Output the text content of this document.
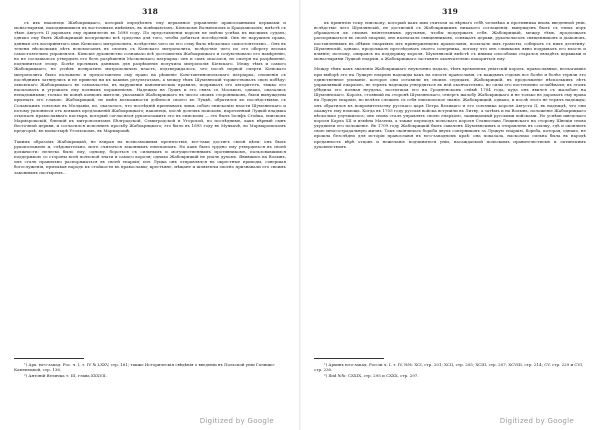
318
съ ихъ наконецъ Жабокрицкаго, который опредѣлялъ ему церковное управленіе православными церквами и монастырями, находившимися въ восточныхъ имѣніяхъ, въ повѣщаютахъ: Кіевскомъ Волынскомъ и Брацлавскомъ; вмѣстѣ съ тѣмъ Августъ II даровалъ ему привилегію въ 1698 году. По представленіи короля не имѣли успѣха въ высшихъ судахъ; однако ему былъ Жабокрицкій воспрещено всѣ средства для того, чтобы добиться послѣдствій. Онъ не нарушилъ права, данныя отъ воспринятаго имъ Кіевскаго митрополита, вслѣдствіе чего по его сему было нѣсколько самостоятельно... Онъ въ течени нѣскольких лѣтъ вспомогаемъ въ своемъ съ Кіевскаго митрополита, вслѣдствіе чего по его оберегу весьма самостоятельно управлялся. Кіевскіе духовенство сознавало всѣ достоинства Жабокрицкаго и сочувствовало его намѣренію, но не соглашалось утвердить его безъ разрѣшенія Московскаго патріарха: онъ и самъ опасался, не смотря на разрѣшеніе, подчиниться этому. Болѣе прочныхъ данныхъ для разрѣшенія получила митрополія Кіевскаго. Межу тѣмъ и самого Жабокрицкаго, не успѣвъ возвратить митрополичью власть, подтверждалось, что послѣ первой смерти Кіевскаго митрополита было положено и предоставлено ему право на рѣшеніе Константинопольскаго патріарха, сношенія съ послѣднимъ затянулись и не привели ни къ какимъ результатамъ, а между тѣмъ Шумлянскій торжествовалъ свою побѣду: львовскаго Жабокрицкаго въ самовластіи, въ нарушеніи канонических правилъ, подрывалъ его авторитетъ, тяжко его насиловалъ и угрожалъ ему полнымъ пораженіемъ. Надежды на Луцкъ и его связь съ Москвою, однако, оказались ненадежными; только въ концѣ концовъ жители, указавшіе Жабокрицкаго въ число своихъ сторонниковъ, были вынуждены признать его главою. Жабокрицкій, не имѣя возможности добиться своего въ Луцкѣ, обратился къ послѣдствіямъ съ Сочавскимъ союзомъ въ Молдавіи, но, оказалось, что послѣдній признавалъ лишь собою епископію власти Шумлянскаго и потому уклонился отъ всякихъ предложеній Жабокрицкаго; наконецъ, послѣ долгихъ поисковъ, нареченный Луцкій владыка отыскалъ православнаго пастыря, который согласился рукоположить его въ епископы — это былъ Іосифъ Стойка, епископъ Мармарошскій, близкій къ митрополитамъ Бѣлградской, Семиградской и Угорской, по послѣднимъ, какъ вѣрный сынъ Восточной церкви, и согласился исполнить просьбу Жабокрицкаго; это было въ 1695 году въ Мункачѣ, во Мармарошскомъ предгорьѣ, въ монастырѣ Угольскомъ, въ Мармарошѣ.

Такимъ образомъ Жабокрицкій, не взирая на всевозможныя препятствія, все-таки достигъ своей цѣли: онъ былъ рукоположенъ и, слѣдовательно, могъ считаться законнымъ епископомъ. Но какъ было трудно ему утвердиться въ своей должности: нелегко было ему, одному, бороться съ сильнымъ и могущественнымъ противникомъ, пользовавшимся поддержкою со стороны всей польской знати и самаго короля; однако Жабокрицкій не упалъ духомъ. Явившись на Волынь, онъ сталъ правильно распоряжаться въ своей епархіи; изъ Луцка онъ отправлялся въ окрестные приходы, совершая богослуженія, призывая народъ къ стойкости въ православіи; крестьяне, мѣщане и шляхтичи охотно признавали его своимъ законнымъ пастыремъ...

¹) Арх. юго-запад. Рос. ч. I, т. IV № LXXV, стр. 161; также Историческія свѣдѣнія о введеніи въ Польской уніи Галицко-Каменецкой, стр. 136.

²) Антоній Величка т. III, глава XXXVII.

Digitized by Google
319
къ принятію тому епископу, который какъ ими считали за вѣрнаго себѣ человѣка и противника вновь введенной уніи, вслѣдствіе чего Шумлянскій, не достигшій съ Жабокрицкимъ никакого соглашенія, вынужденъ былъ съ этихъ поръ обращаться къ своимъ вліятельнымъ друзьямъ, чтобы поддержать себя. Жабокрицкій, между тѣмъ, продолжалъ распоряжаться въ своей епархіи; онъ назначалъ священниковъ, освящалъ церкви, рукополагалъ священниковъ и діаконовъ, поставленныхъ въ обѣихъ епархіяхъ изъ приверженцевъ православія, посылалъ имъ грамоты, собиралъ съ нихъ десятину. Шумлянскій, однако, продолжалъ преслѣдовать своего соперника, потому что онъ слишкомъ явно подрывалъ его власть и вліяніе; поэтому, опираясь на поддержку короля, Шумлянскій вмѣстѣ съ иными способами старался овладѣть церквами и монастырями Луцкой епархіи, а Жабокрицкаго заставить окончательно покориться ему.

Между тѣмъ какъ значеніе Жабокрицкаго неуклонно падало, тѣмъ временемъ уніатскій король, православные, возлагавшіе при выборѣ его на Луцкую епархію надежды какъ на оплотъ православія, съ каждымъ годомъ все болѣе и болѣе теряли это единственное упованіе, которое они оставили въ своихъ сердцахъ. Жабокрицкій, въ продолженіе нѣсколькихъ лѣтъ управлявшій епархіею, не терялъ надежды утвердиться въ ней окончательно, но силы его постепенно ослабѣвали; въ этомъ убѣдила его полная неудача, постигшая его на Гродненскомъ сеймѣ 1704 года, куда онъ явился съ жалобою на Шумлянскаго. Король, стоявшій на сторонѣ Шумлянскаго, отвергъ жалобу Жабокрицкаго и не только не даровалъ ему права на Луцкую епархію, но велѣлъ сложить съ себя епископское званіе. Жабокрицкій, однако, и послѣ этого не терялъ надежды; онъ обратился къ покровительству русскаго царя Петра Великаго и его союзника короля Августа II, въ надеждѣ, что они окажутъ ему помощь. Когда въ 1705 году русскія войска вступили въ Литву, а затѣмъ и на Волынь, положеніе Жабокрицкаго нѣсколько улучшилось; онъ снова сталъ управлять своею епархіею, защищаемый русскими войсками. Но успѣхи шведскаго короля Карла XII и измѣна Мазепы, а также переходъ польскаго короля Станислава Лещинскаго на сторону Швеціи снова ухудшили его положеніе. Въ 1709 году Жабокрицкій былъ схваченъ Шумлянскимъ и отправленъ въ ссылку, гдѣ и окончилъ свою многострадальную жизнь. Такъ окончилась борьба двухъ соперниковъ за Луцкую епархію, борьба, которая, однако, не прошла безслѣдно для исторіи православія въ юго-западномъ краѣ: она показала, насколько сильна была въ народѣ преданность вѣрѣ отцовъ и нежеланіе подчиниться уніи, насаждаемой польскимъ правительствомъ и латинскимъ духовенствомъ.

¹) Архивъ юго-запад. Россіи ч. I, т. IV, №№: XCI, стр. 201; XCII, стр. 205; XCIII, стр. 207; XCVIII, стр. 214; CV, стр. 229 и CVI, стр. 230.

²) Ibid №№: CXXIX, стр. 295 и CXXX, стр. 297.

Digitized by Google
